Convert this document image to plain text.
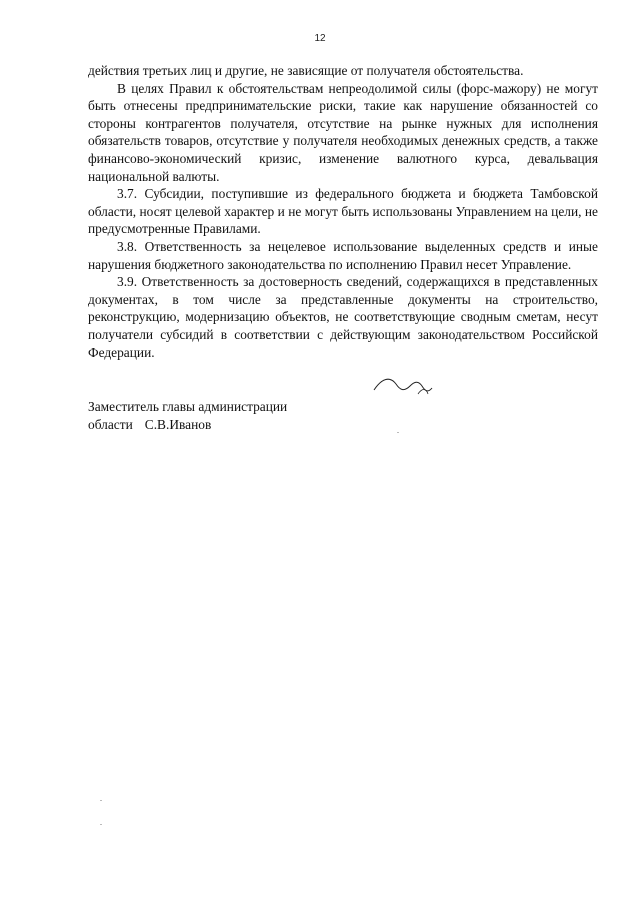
12

действия третьих лиц и другие, не зависящие от получателя обстоятельства.

В целях Правил к обстоятельствам непреодолимой силы (форс-мажору) не могут быть отнесены предпринимательские риски, такие как нарушение обязанностей со стороны контрагентов получателя, отсутствие на рынке нужных для исполнения обязательств товаров, отсутствие у получателя необходимых денежных средств, а также финансово-экономический кризис, изменение валютного курса, девальвация национальной валюты.

3.7. Субсидии, поступившие из федерального бюджета и бюджета Тамбовской области, носят целевой характер и не могут быть использованы Управлением на цели, не предусмотренные Правилами.

3.8. Ответственность за нецелевое использование выделенных средств и иные нарушения бюджетного законодательства по исполнению Правил несет Управление.

3.9. Ответственность за достоверность сведений, содержащихся в представленных документах, в том числе за представленные документы на строительство, реконструкцию, модернизацию объектов, не соответствующие сводным сметам, несут получатели субсидий в соответствии с действующим законодательством Российской Федерации.

Заместитель главы администрации
области С.В.Иванов
